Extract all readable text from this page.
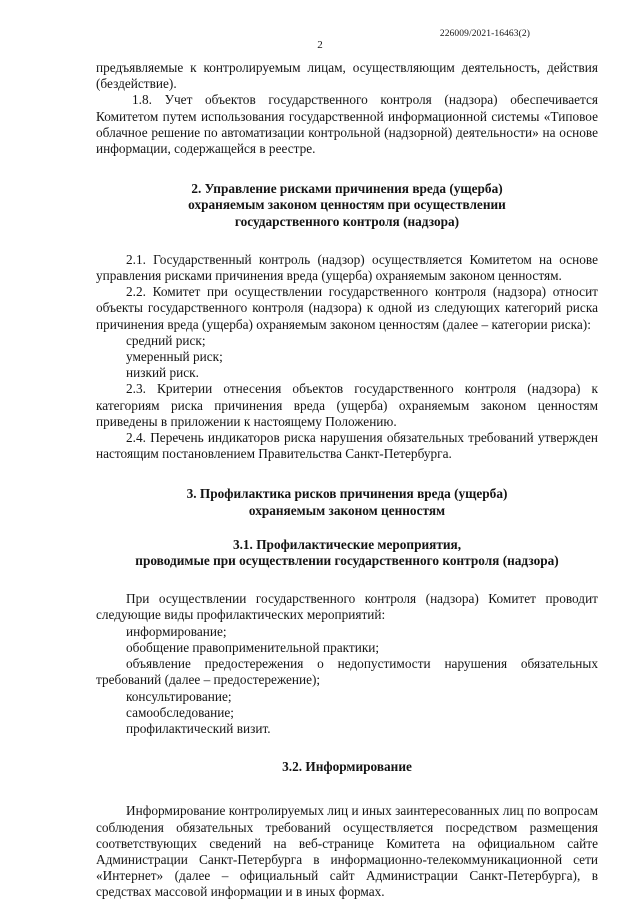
226009/2021-16463(2)
2

предъявляемые к контролируемым лицам, осуществляющим деятельность, действия (бездействие).

1.8. Учет объектов государственного контроля (надзора) обеспечивается Комитетом путем использования государственной информационной системы «Типовое облачное решение по автоматизации контрольной (надзорной) деятельности» на основе информации, содержащейся в реестре.

2. Управление рисками причинения вреда (ущерба)

охраняемым законом ценностям при осуществлении

государственного контроля (надзора)

2.1. Государственный контроль (надзор) осуществляется Комитетом на основе управления рисками причинения вреда (ущерба) охраняемым законом ценностям.

2.2. Комитет при осуществлении государственного контроля (надзора) относит объекты государственного контроля (надзора) к одной из следующих категорий риска причинения вреда (ущерба) охраняемым законом ценностям (далее – категории риска):

средний риск;

умеренный риск;

низкий риск.

2.3. Критерии отнесения объектов государственного контроля (надзора) к категориям риска причинения вреда (ущерба) охраняемым законом ценностям приведены в приложении к настоящему Положению.

2.4. Перечень индикаторов риска нарушения обязательных требований утвержден настоящим постановлением Правительства Санкт-Петербурга.

3. Профилактика рисков причинения вреда (ущерба)

охраняемым законом ценностям

3.1. Профилактические мероприятия,

проводимые при осуществлении государственного контроля (надзора)

При осуществлении государственного контроля (надзора) Комитет проводит следующие виды профилактических мероприятий:

информирование;

обобщение правоприменительной практики;

объявление предостережения о недопустимости нарушения обязательных требований (далее – предостережение);

консультирование;

самообследование;

профилактический визит.

3.2. Информирование

Информирование контролируемых лиц и иных заинтересованных лиц по вопросам соблюдения обязательных требований осуществляется посредством размещения соответствующих сведений на веб-странице Комитета на официальном сайте Администрации Санкт-Петербурга в информационно-телекоммуникационной сети «Интернет» (далее – официальный сайт Администрации Санкт-Петербурга), в средствах массовой информации и в иных формах.
